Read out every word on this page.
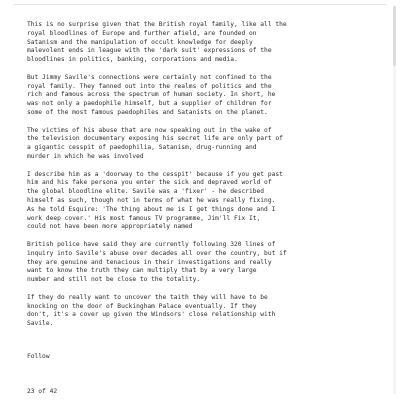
This is no surprise given that the British royal family, like all the
royal bloodlines of Europe and further afield, are founded on
Satanism and the manipulation of occult knowledge for deeply
malevolent ends in league with the 'dark suit' expressions of the
bloodlines in politics, banking, corporations and media.
But Jimmy Savile's connections were certainly not confined to the
royal family. They fanned out into the realms of politics and the
rich and famous across the spectrum of human society. In short, he
was not only a paedophile himself, but a supplier of children for
some of the most famous paedophiles and Satanists on the planet.
The victims of his abuse that are now speaking out in the wake of
the television documentary exposing his secret life are only part of
a gigantic cesspit of paedophilia, Satanism, drug-running and
murder in which he was involved
I describe him as a 'doorway to the cesspit' because if you get past
him and his fake persona you enter the sick and depraved world of
the global bloodline elite. Savile was a 'fixer' - he described
himself as such, though not in terms of what he was really fixing.
As he told Esquire: 'The thing about me is I get things done and I
work deep cover.' His most famous TV programme, Jim'll Fix It,
could not have been more appropriately named
British police have said they are currently following 320 lines of
inquiry into Savile's abuse over decades all over the country, but if
they are genuine and tenacious in their investigations and really
want to know the truth they can multiply that by a very large
number and still not be close to the totality.
If they do really want to uncover the taith they will have to be
knocking on the door of Buckingham Palace eventually. If they
don't, it's a cover up given the Windsors' close relationship with
Savile.
Follow
23 of 42
